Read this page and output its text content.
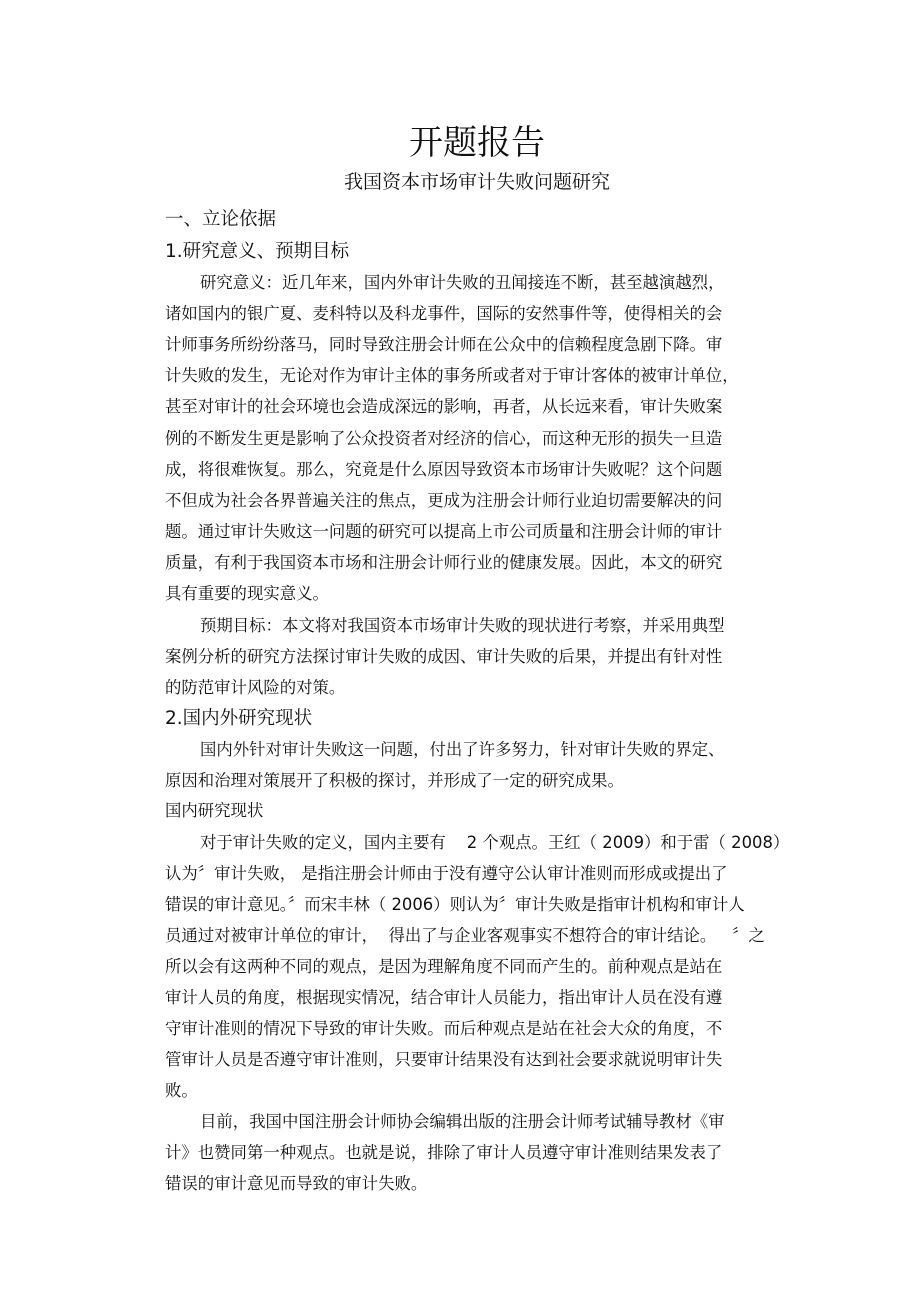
开题报告
我国资本市场审计失败问题研究
一、立论依据
1.研究意义、预期目标
研究意义：近几年来，国内外审计失败的丑闻接连不断，甚至越演越烈，
诸如国内的银广夏、麦科特以及科龙事件，国际的安然事件等，使得相关的会
计师事务所纷纷落马，同时导致注册会计师在公众中的信赖程度急剧下降。审
计失败的发生，无论对作为审计主体的事务所或者对于审计客体的被审计单位，
甚至对审计的社会环境也会造成深远的影响，再者，从长远来看，审计失败案
例的不断发生更是影响了公众投资者对经济的信心，而这种无形的损失一旦造
成，将很难恢复。那么，究竟是什么原因导致资本市场审计失败呢？这个问题
不但成为社会各界普遍关注的焦点，更成为注册会计师行业迫切需要解决的问
题。通过审计失败这一问题的研究可以提高上市公司质量和注册会计师的审计
质量，有利于我国资本市场和注册会计师行业的健康发展。因此，本文的研究
具有重要的现实意义。
预期目标：本文将对我国资本市场审计失败的现状进行考察，并采用典型
案例分析的研究方法探讨审计失败的成因、审计失败的后果，并提出有针对性
的防范审计风险的对策。
2.国内外研究现状
国内外针对审计失败这一问题，付出了许多努力，针对审计失败的界定、
原因和治理对策展开了积极的探讨，并形成了一定的研究成果。
国内研究现状
对于审计失败的定义，国内主要有    2 个观点。王红（ 2009）和于雷（ 2008）
认为〞审计失败， 是指注册会计师由于没有遵守公认审计准则而形成或提出了
错误的审计意见。〞而宋丰林（ 2006）则认为〞审计失败是指审计机构和审计人
员通过对被审计单位的审计，  得出了与企业客观事实不想符合的审计结论。   〞之
所以会有这两种不同的观点，是因为理解角度不同而产生的。前种观点是站在
审计人员的角度，根据现实情况，结合审计人员能力，指出审计人员在没有遵
守审计准则的情况下导致的审计失败。而后种观点是站在社会大众的角度，不
管审计人员是否遵守审计准则，只要审计结果没有达到社会要求就说明审计失
败。
目前，我国中国注册会计师协会编辑出版的注册会计师考试辅导教材《审
计》也赞同第一种观点。也就是说，排除了审计人员遵守审计准则结果发表了
错误的审计意见而导致的审计失败。
